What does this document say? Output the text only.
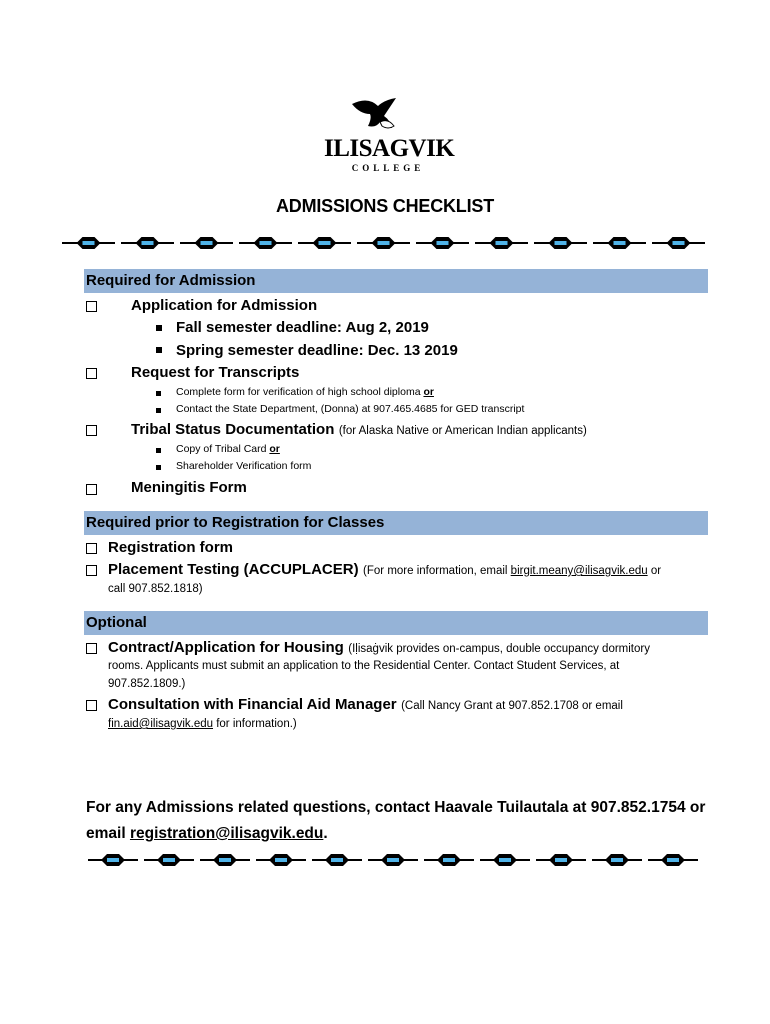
ILISAGVIK
COLLEGE
ADMISSIONS CHECKLIST
Required for Admission
Application for Admission
Fall semester deadline: Aug 2, 2019
Spring semester deadline: Dec. 13 2019
Request for Transcripts
Complete form for verification of high school diploma or
Contact the State Department, (Donna) at 907.465.4685 for GED transcript
Tribal Status Documentation (for Alaska Native or American Indian applicants)
Copy of Tribal Card or
Shareholder Verification form
Meningitis Form
Required prior to Registration for Classes
Registration form
Placement Testing (ACCUPLACER) (For more information, email birgit.meany@ilisagvik.edu or
call 907.852.1818)
Optional
Contract/Application for Housing (Iḷisaġvik provides on-campus, double occupancy dormitory
rooms. Applicants must submit an application to the Residential Center. Contact Student Services, at
907.852.1809.)
Consultation with Financial Aid Manager (Call Nancy Grant at 907.852.1708 or email
fin.aid@ilisagvik.edu for information.)
For any Admissions related questions, contact Haavale Tuilautala at 907.852.1754 or
email registration@ilisagvik.edu.
